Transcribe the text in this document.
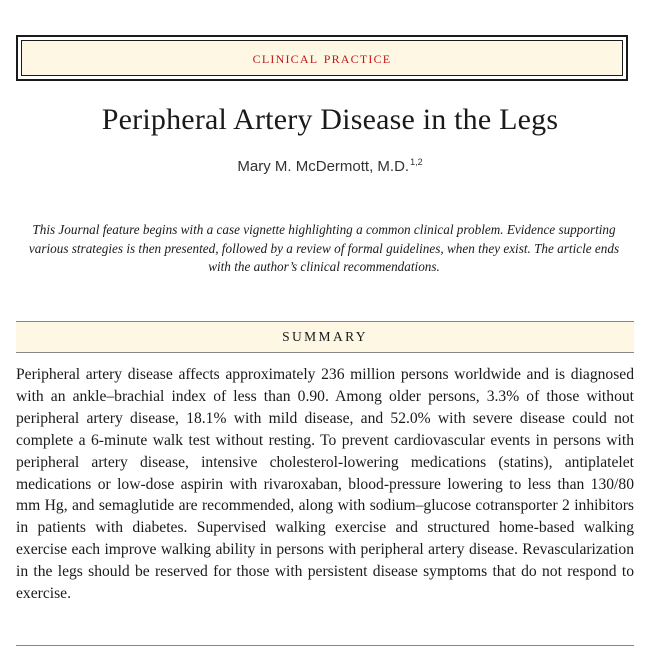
clinical practice
Peripheral Artery Disease in the Legs
Mary M. McDermott, M.D.$^{1,2}$
This Journal feature begins with a case vignette highlighting a common clinical problem. Evidence supporting various strategies is then presented, followed by a review of formal guidelines, when they exist. The article ends with the author’s clinical recommendations.
SUMMARY

Peripheral artery disease affects approximately 236 million persons worldwide and is diagnosed with an ankle–brachial index of less than 0.90. Among older persons, 3.3% of those without peripheral artery disease, 18.1% with mild disease, and 52.0% with severe disease could not complete a 6-minute walk test without resting. To prevent cardiovascular events in persons with peripheral artery disease, intensive cholesterol-lowering medications (statins), antiplatelet medications or low-dose aspirin with rivaroxaban, blood-pressure lowering to less than 130/80 mm Hg, and semaglutide are recommended, along with sodium–glucose cotransporter 2 inhibitors in patients with diabetes. Supervised walking exercise and structured home-based walking exercise each improve walking ability in persons with peripheral artery disease. Revascularization in the legs should be reserved for those with persistent disease symptoms that do not respond to exercise.
